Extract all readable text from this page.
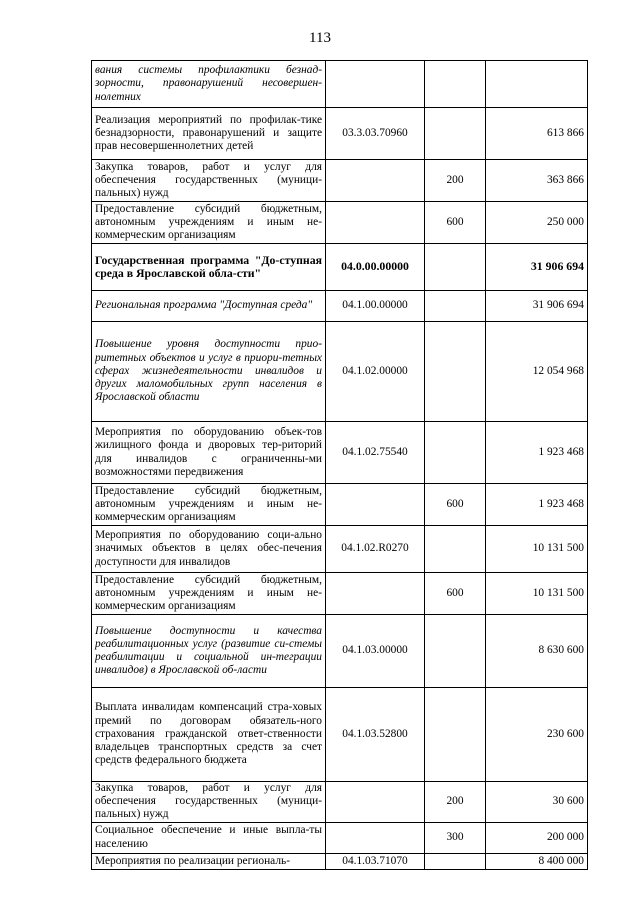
113
вания системы профилактики безнад-зорности, правонарушений несовершен-нолетних			
Реализация мероприятий по профилак-тике безнадзорности, правонарушений и защите прав несовершеннолетних детей	03.3.03.70960		613 866
Закупка товаров, работ и услуг для обеспечения государственных (муници-пальных) нужд		200	363 866
Предоставление субсидий бюджетным, автономным учреждениям и иным не-коммерческим организациям		600	250 000
Государственная программа "До-ступная среда в Ярославской обла-сти"	04.0.00.00000		31 906 694
Региональная программа "Доступная среда"	04.1.00.00000		31 906 694
Повышение уровня доступности прио-ритетных объектов и услуг в приори-тетных сферах жизнедеятельности инвалидов и других маломобильных групп населения в Ярославской области	04.1.02.00000		12 054 968
Мероприятия по оборудованию объек-тов жилищного фонда и дворовых тер-риторий для инвалидов с ограниченны-ми возможностями передвижения	04.1.02.75540		1 923 468
Предоставление субсидий бюджетным, автономным учреждениям и иным не-коммерческим организациям		600	1 923 468
Мероприятия по оборудованию соци-ально значимых объектов в целях обес-печения доступности для инвалидов	04.1.02.R0270		10 131 500
Предоставление субсидий бюджетным, автономным учреждениям и иным не-коммерческим организациям		600	10 131 500
Повышение доступности и качества реабилитационных услуг (развитие си-стемы реабилитации и социальной ин-теграции инвалидов) в Ярославской об-ласти	04.1.03.00000		8 630 600
Выплата инвалидам компенсаций стра-ховых премий по договорам обязатель-ного страхования гражданской ответ-ственности владельцев транспортных средств за счет средств федерального бюджета	04.1.03.52800		230 600
Закупка товаров, работ и услуг для обеспечения государственных (муници-пальных) нужд		200	30 600
Социальное обеспечение и иные выпла-ты населению		300	200 000
Мероприятия по реализации региональ-	04.1.03.71070		8 400 000
